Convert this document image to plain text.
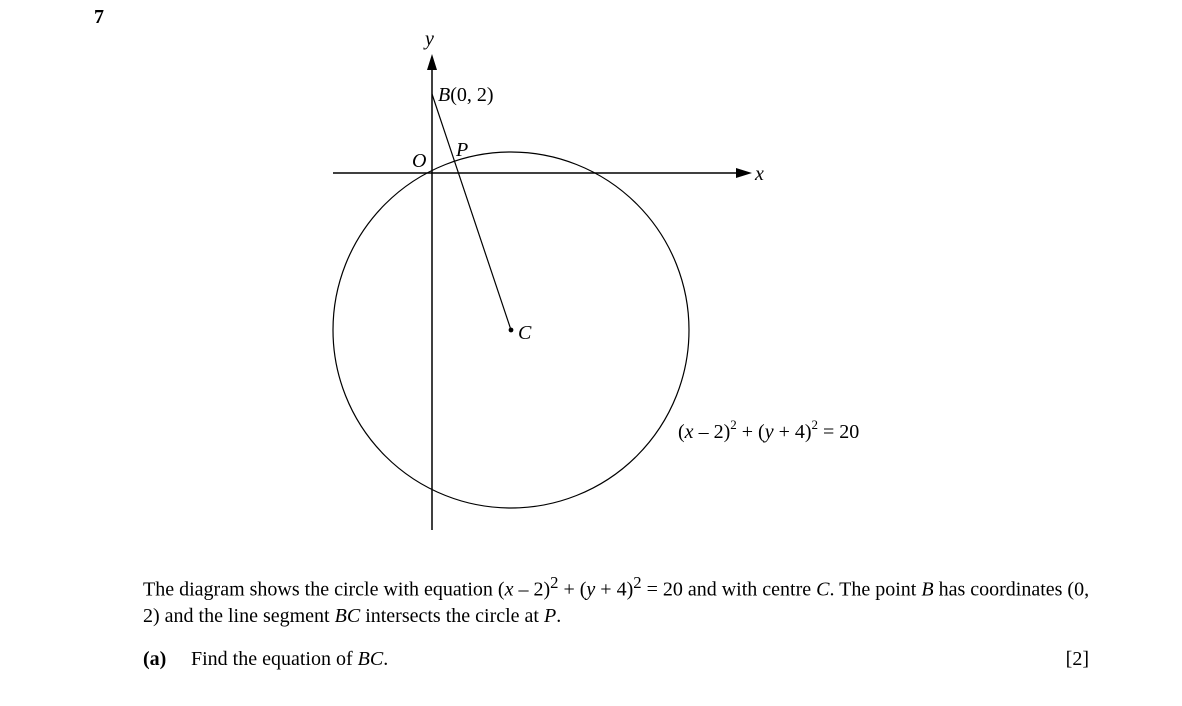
7
y
x
O
B(0, 2)
P
C
$(x - 2)^2 + (y + 4)^2 = 20$
The diagram shows the circle with equation $(x - 2)^2 + (y + 4)^2 = 20$ and with centre C. The point B has coordinates (0, 2) and the line segment BC intersects the circle at P.
(a) Find the equation of BC.	[2]
